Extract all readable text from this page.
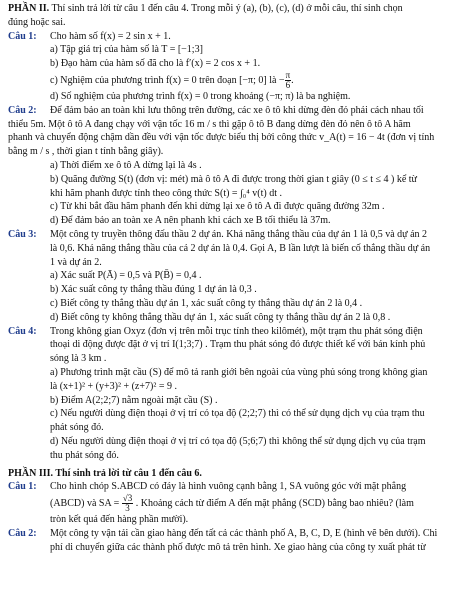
PHẦN II. Thí sinh trả lời từ câu 1 đến câu 4. Trong mỗi ý (a), (b), (c), (d) ở mỗi câu, thí sinh chọn

đúng hoặc sai.

Câu 1:	Cho hàm số f(x) = 2 sin x + 1.

a) Tập giá trị của hàm số là T = [−1;3]

b) Đạo hàm của hàm số đã cho là f′(x) = 2 cos x + 1.

c) Nghiệm của phương trình f(x) = 0 trên đoạn [−π; 0] là − $\frac{\pi}{6}$ .

d) Số nghiệm của phương trình f(x) = 0 trong khoảng (−π; π) là ba nghiệm.

Câu 2:	Để đảm bảo an toàn khi lưu thông trên đường, các xe ô tô khi dừng đèn đỏ phải cách nhau tối

thiểu 5m. Một ô tô A đang chạy với vận tốc 16 m / s thì gặp ô tô B đang dừng đèn đỏ nên ô tô A hãm

phanh và chuyển động chậm dần đều với vận tốc được biểu thị bởi công thức v_A(t) = 16 − 4t (đơn vị tính

bằng m / s , thời gian t tính bằng giây).

a) Thời điểm xe ô tô A dừng lại là 4s .

b) Quãng đường S(t) (đơn vị: mét) mà ô tô A đi được trong thời gian t giây (0 ≤ t ≤ 4 ) kể từ

khi hãm phanh được tính theo công thức S(t) = ∫₀⁴ v(t) dt .

c) Từ khi bắt đầu hãm phanh đến khi dừng lại xe ô tô A đi được quãng đường 32m .

d) Để đảm bảo an toàn xe A nên phanh khi cách xe B tối thiểu là 37m.

Câu 3:	Một công ty truyền thông đấu thầu 2 dự án. Khả năng thắng thầu của dự án 1 là 0,5 và dự án 2

là 0,6. Khả năng thắng thầu của cả 2 dự án là 0,4. Gọi A, B lần lượt là biến cố thắng thầu dự án

1 và dự án 2.

a) Xác suất P(Ā) = 0,5 và P(B̄) = 0,4 .

b) Xác suất công ty thắng thầu đúng 1 dự án là 0,3 .

c) Biết công ty thắng thầu dự án 1, xác suất công ty thắng thầu dự án 2 là 0,4 .

d) Biết công ty không thắng thầu dự án 1, xác suất công ty thắng thầu dự án 2 là 0,8 .

Câu 4:	Trong không gian Oxyz (đơn vị trên mỗi trục tính theo kilômét), một trạm thu phát sóng điện

thoại di động được đặt ở vị trí I(1;3;7) . Trạm thu phát sóng đó được thiết kế với bán kính phủ

sóng là 3 km .

a) Phương trình mặt cầu (S) để mô tả ranh giới bên ngoài của vùng phủ sóng trong không gian

là (x+1)² + (y+3)² + (z+7)² = 9 .

b) Điểm A(2;2;7) nằm ngoài mặt cầu (S) .

c) Nếu người dùng điện thoại ở vị trí có tọa độ (2;2;7) thì có thể sử dụng dịch vụ của trạm thu

phát sóng đó.

d) Nếu người dùng điện thoại ở vị trí có tọa độ (5;6;7) thì không thể sử dụng dịch vụ của trạm

thu phát sóng đó.

PHẦN III. Thí sinh trả lời từ câu 1 đến câu 6.

Câu 1:	Cho hình chóp S.ABCD có đáy là hình vuông cạnh bằng 1, SA vuông góc với mặt phẳng

(ABCD) và SA = $\frac{√3}{3}$ . Khoảng cách từ điểm A đến mặt phẳng (SCD) bằng bao nhiêu? (làm

tròn kết quả đến hàng phần mười).

Câu 2:	Một công ty vận tải cần giao hàng đến tất cả các thành phố A, B, C, D, E (hình vẽ bên dưới). Chi

phí di chuyển giữa các thành phố được mô tả trên hình. Xe giao hàng của công ty xuất phát từ
